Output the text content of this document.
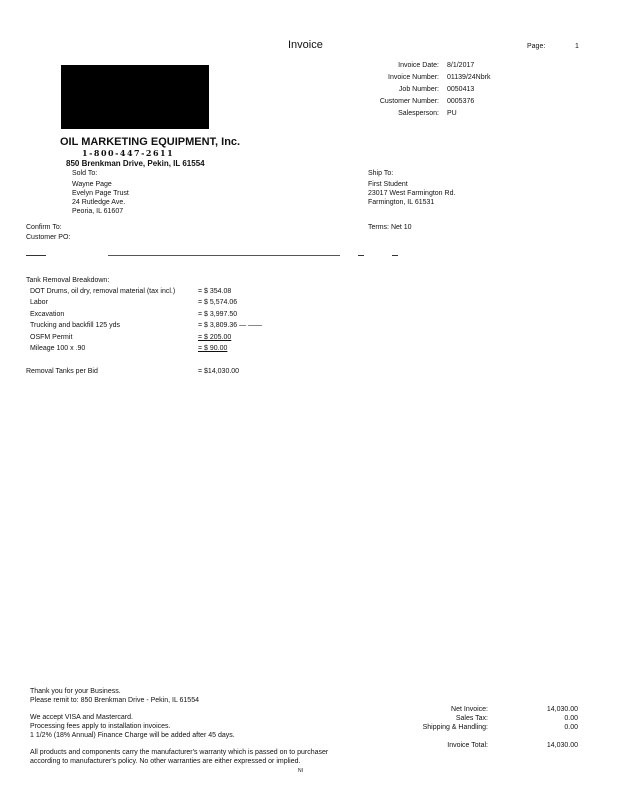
Invoice	Page:	1
Invoice Date: 8/1/2017
Invoice Number: 01139/24Nbrk
Job Number: 0050413
Customer Number: 0005376
Salesperson: PU
OIL MARKETING EQUIPMENT, Inc.
1-800-447-2611
850 Brenkman Drive, Pekin, IL 61554
Sold To:
Wayne Page
Evelyn Page Trust
24 Rutledge Ave.
Peoria, IL 61607
Ship To:
First Student
23017 West Farmington Rd.
Farmington, IL 61531
Confirm To:
Customer PO:
Terms: Net 10
Tank Removal Breakdown:
DOT Drums, oil dry, removal material (tax incl.)	= $ 354.08
Labor	= $ 5,574.06
Excavation	= $ 3,997.50
Trucking and backfill 125 yds	= $ 3,809.36 — ——
OSFM Permit	= $ 205.00
Mileage 100 x .90	= $ 90.00
Removal Tanks per Bid	= $14,030.00
Thank you for your Business.
Please remit to: 850 Brenkman Drive - Pekin, IL 61554
We accept VISA and Mastercard.
Processing fees apply to installation invoices.
1 1/2% (18% Annual) Finance Charge will be added after 45 days.
All products and components carry the manufacturer's warranty which is passed on to purchaser
according to manufacturer's policy. No other warranties are either expressed or implied.
NI
Net Invoice:	14,030.00
Sales Tax:	0.00
Shipping & Handling:	0.00
Invoice Total:	14,030.00
